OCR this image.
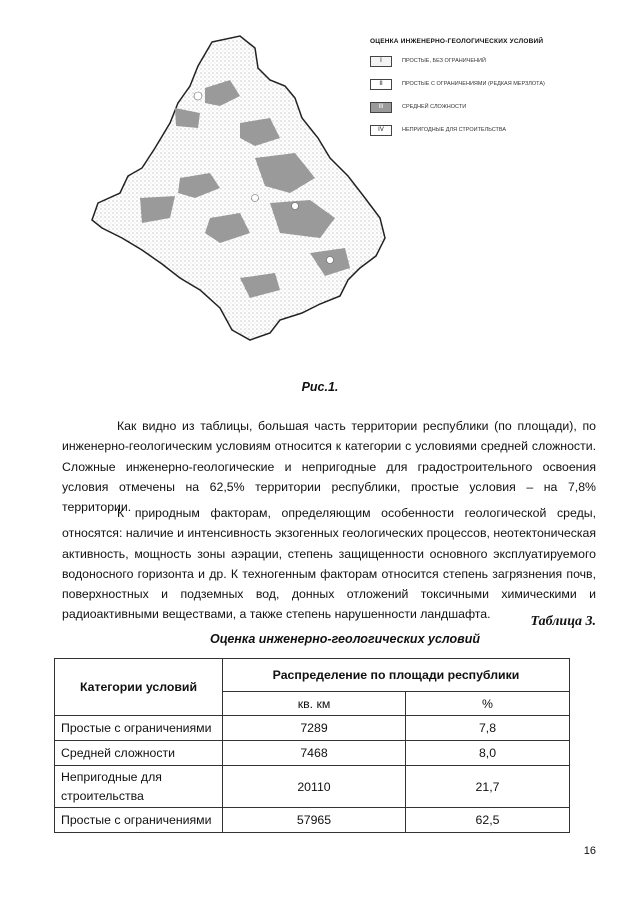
ОЦЕНКА ИНЖЕНЕРНО-ГЕОЛОГИЧЕСКИХ УСЛОВИЙ
I	ПРОСТЫЕ, БЕЗ ОГРАНИЧЕНИЙ
II	ПРОСТЫЕ С ОГРАНИЧЕНИЯМИ (РЕДКАЯ МЕРЗЛОТА)
III	СРЕДНЕЙ СЛОЖНОСТИ
IV	НЕПРИГОДНЫЕ ДЛЯ СТРОИТЕЛЬСТВА
Рис.1.

Как видно из таблицы, большая часть территории республики (по площади), по инженерно-геологическим условиям относится к категории с условиями средней сложности. Сложные инженерно-геологические и непригодные для градостроительного освоения условия отмечены на 62,5% территории республики, простые условия – на 7,8% территории.

К природным факторам, определяющим особенности геологической среды, относятся: наличие и интенсивность экзогенных геологических процессов, неотектоническая активность, мощность зоны аэрации, степень защищенности основного эксплуатируемого водоносного горизонта и др. К техногенным факторам относится степень загрязнения почв, поверхностных и подземных вод, донных отложений токсичными химическими и радиоактивными веществами, а также степень нарушенности ландшафта.	Таблица 3.
Оценка инженерно-геологических условий
Категории условий	Распределение по площади республики	
	кв. км	%
Простые с ограничениями	7289	7,8
Средней сложности	7468	8,0
Непригодные для строительства	20110	21,7
Простые с ограничениями	57965	62,5
16
